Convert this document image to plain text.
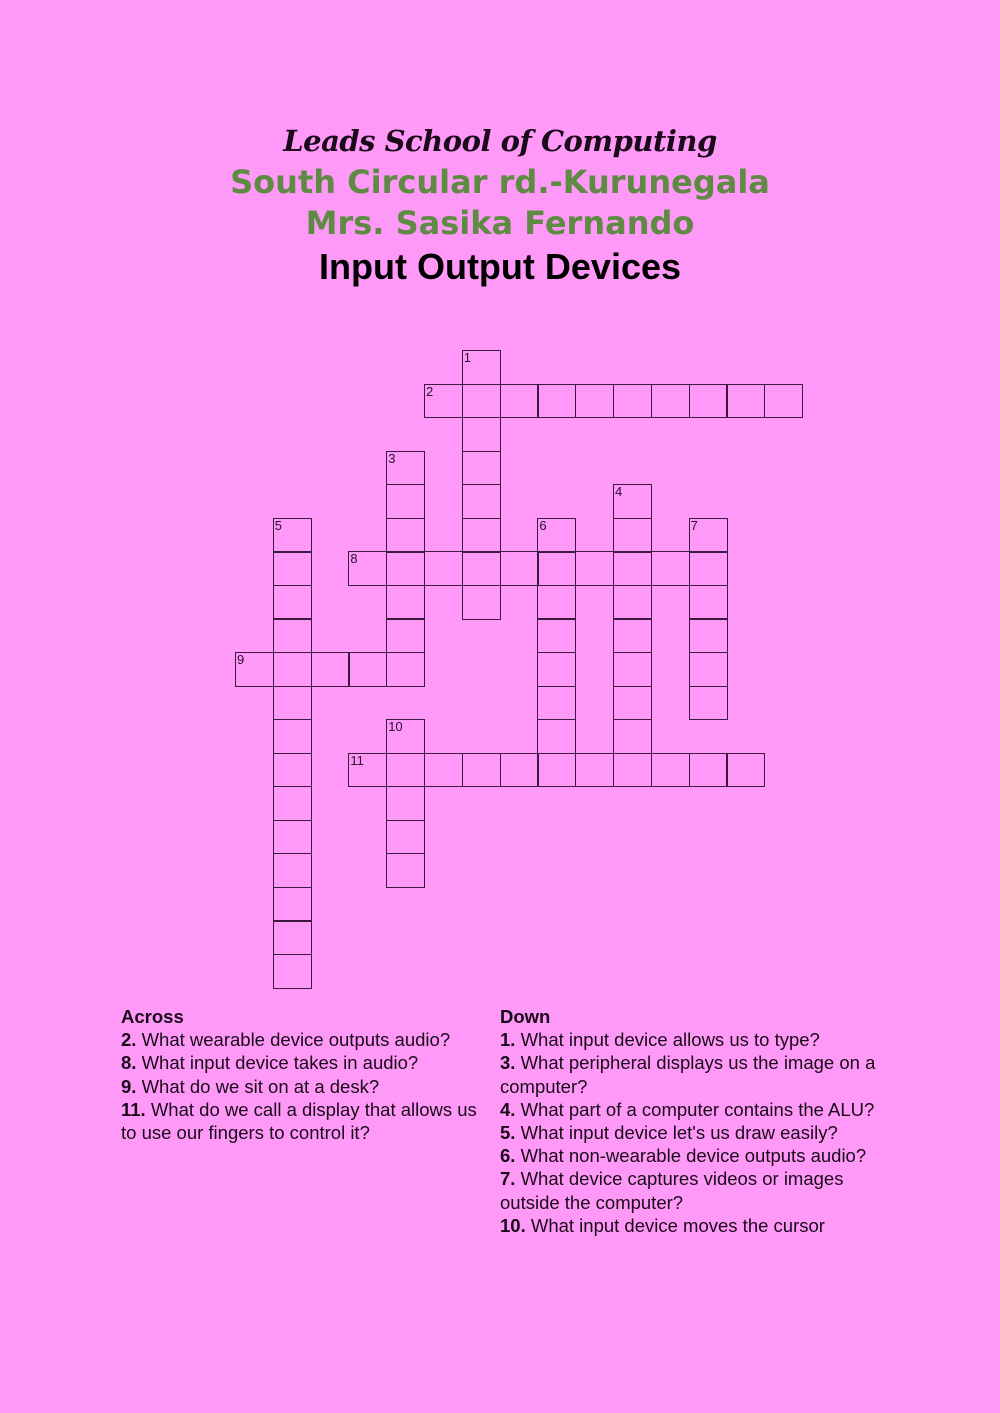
Leads School of Computing
South Circular rd.-Kurunegala
Mrs. Sasika Fernando
Input Output Devices
1
2
3
4
5	6	7
8
9
10
11
Across
2. What wearable device outputs audio?
8. What input device takes in audio?
9. What do we sit on at a desk?
11. What do we call a display that allows us to use our fingers to control it?
Down
1. What input device allows us to type?
3. What peripheral displays us the image on a computer?
4. What part of a computer contains the ALU?
5. What input device let's us draw easily?
6. What non-wearable device outputs audio?
7. What device captures videos or images outside the computer?
10. What input device moves the cursor
